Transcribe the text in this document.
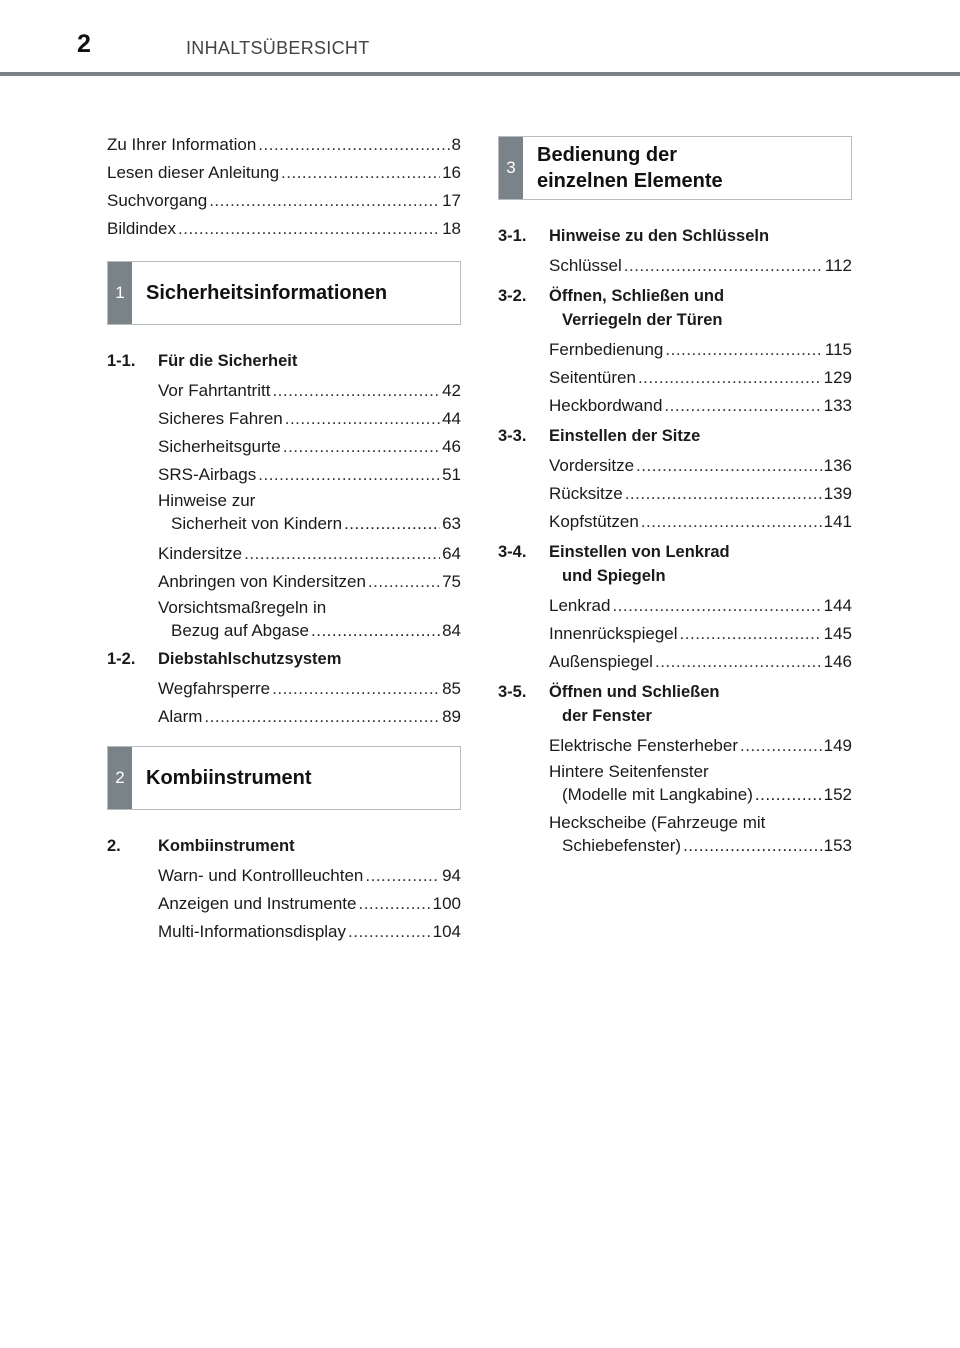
2	INHALTSÜBERSICHT
Zu Ihrer Information .....	8
Lesen dieser Anleitung .....	16
Suchvorgang .....	17
Bildindex .....	18
1	Sicherheitsinformationen
1-1.	Für die Sicherheit
Vor Fahrtantritt .....	42
Sicheres Fahren .....	44
Sicherheitsgurte .....	46
SRS-Airbags .....	51
Hinweise zur
Sicherheit von Kindern .....	63
Kindersitze .....	64
Anbringen von Kindersitzen .....	75
Vorsichtsmaßregeln in
Bezug auf Abgase .....	84
1-2.	Diebstahlschutzsystem
Wegfahrsperre .....	85
Alarm .....	89
2	Kombiinstrument
2.	Kombiinstrument
Warn- und Kontrollleuchten .....	94
Anzeigen und Instrumente .....	100
Multi-Informationsdisplay .....	104
3
Bedienung der
einzelnen Elemente
3-1.	Hinweise zu den Schlüsseln
Schlüssel .....	112
3-2.	Öffnen, Schließen und
Verriegeln der Türen
Fernbedienung .....	115
Seitentüren .....	129
Heckbordwand .....	133
3-3.	Einstellen der Sitze
Vordersitze .....	136
Rücksitze .....	139
Kopfstützen .....	141
3-4.	Einstellen von Lenkrad
und Spiegeln
Lenkrad .....	144
Innenrückspiegel .....	145
Außenspiegel .....	146
3-5.	Öffnen und Schließen
der Fenster
Elektrische Fensterheber .....	149
Hintere Seitenfenster
(Modelle mit Langkabine) .....	152
Heckscheibe (Fahrzeuge mit
Schiebefenster) .....	153
